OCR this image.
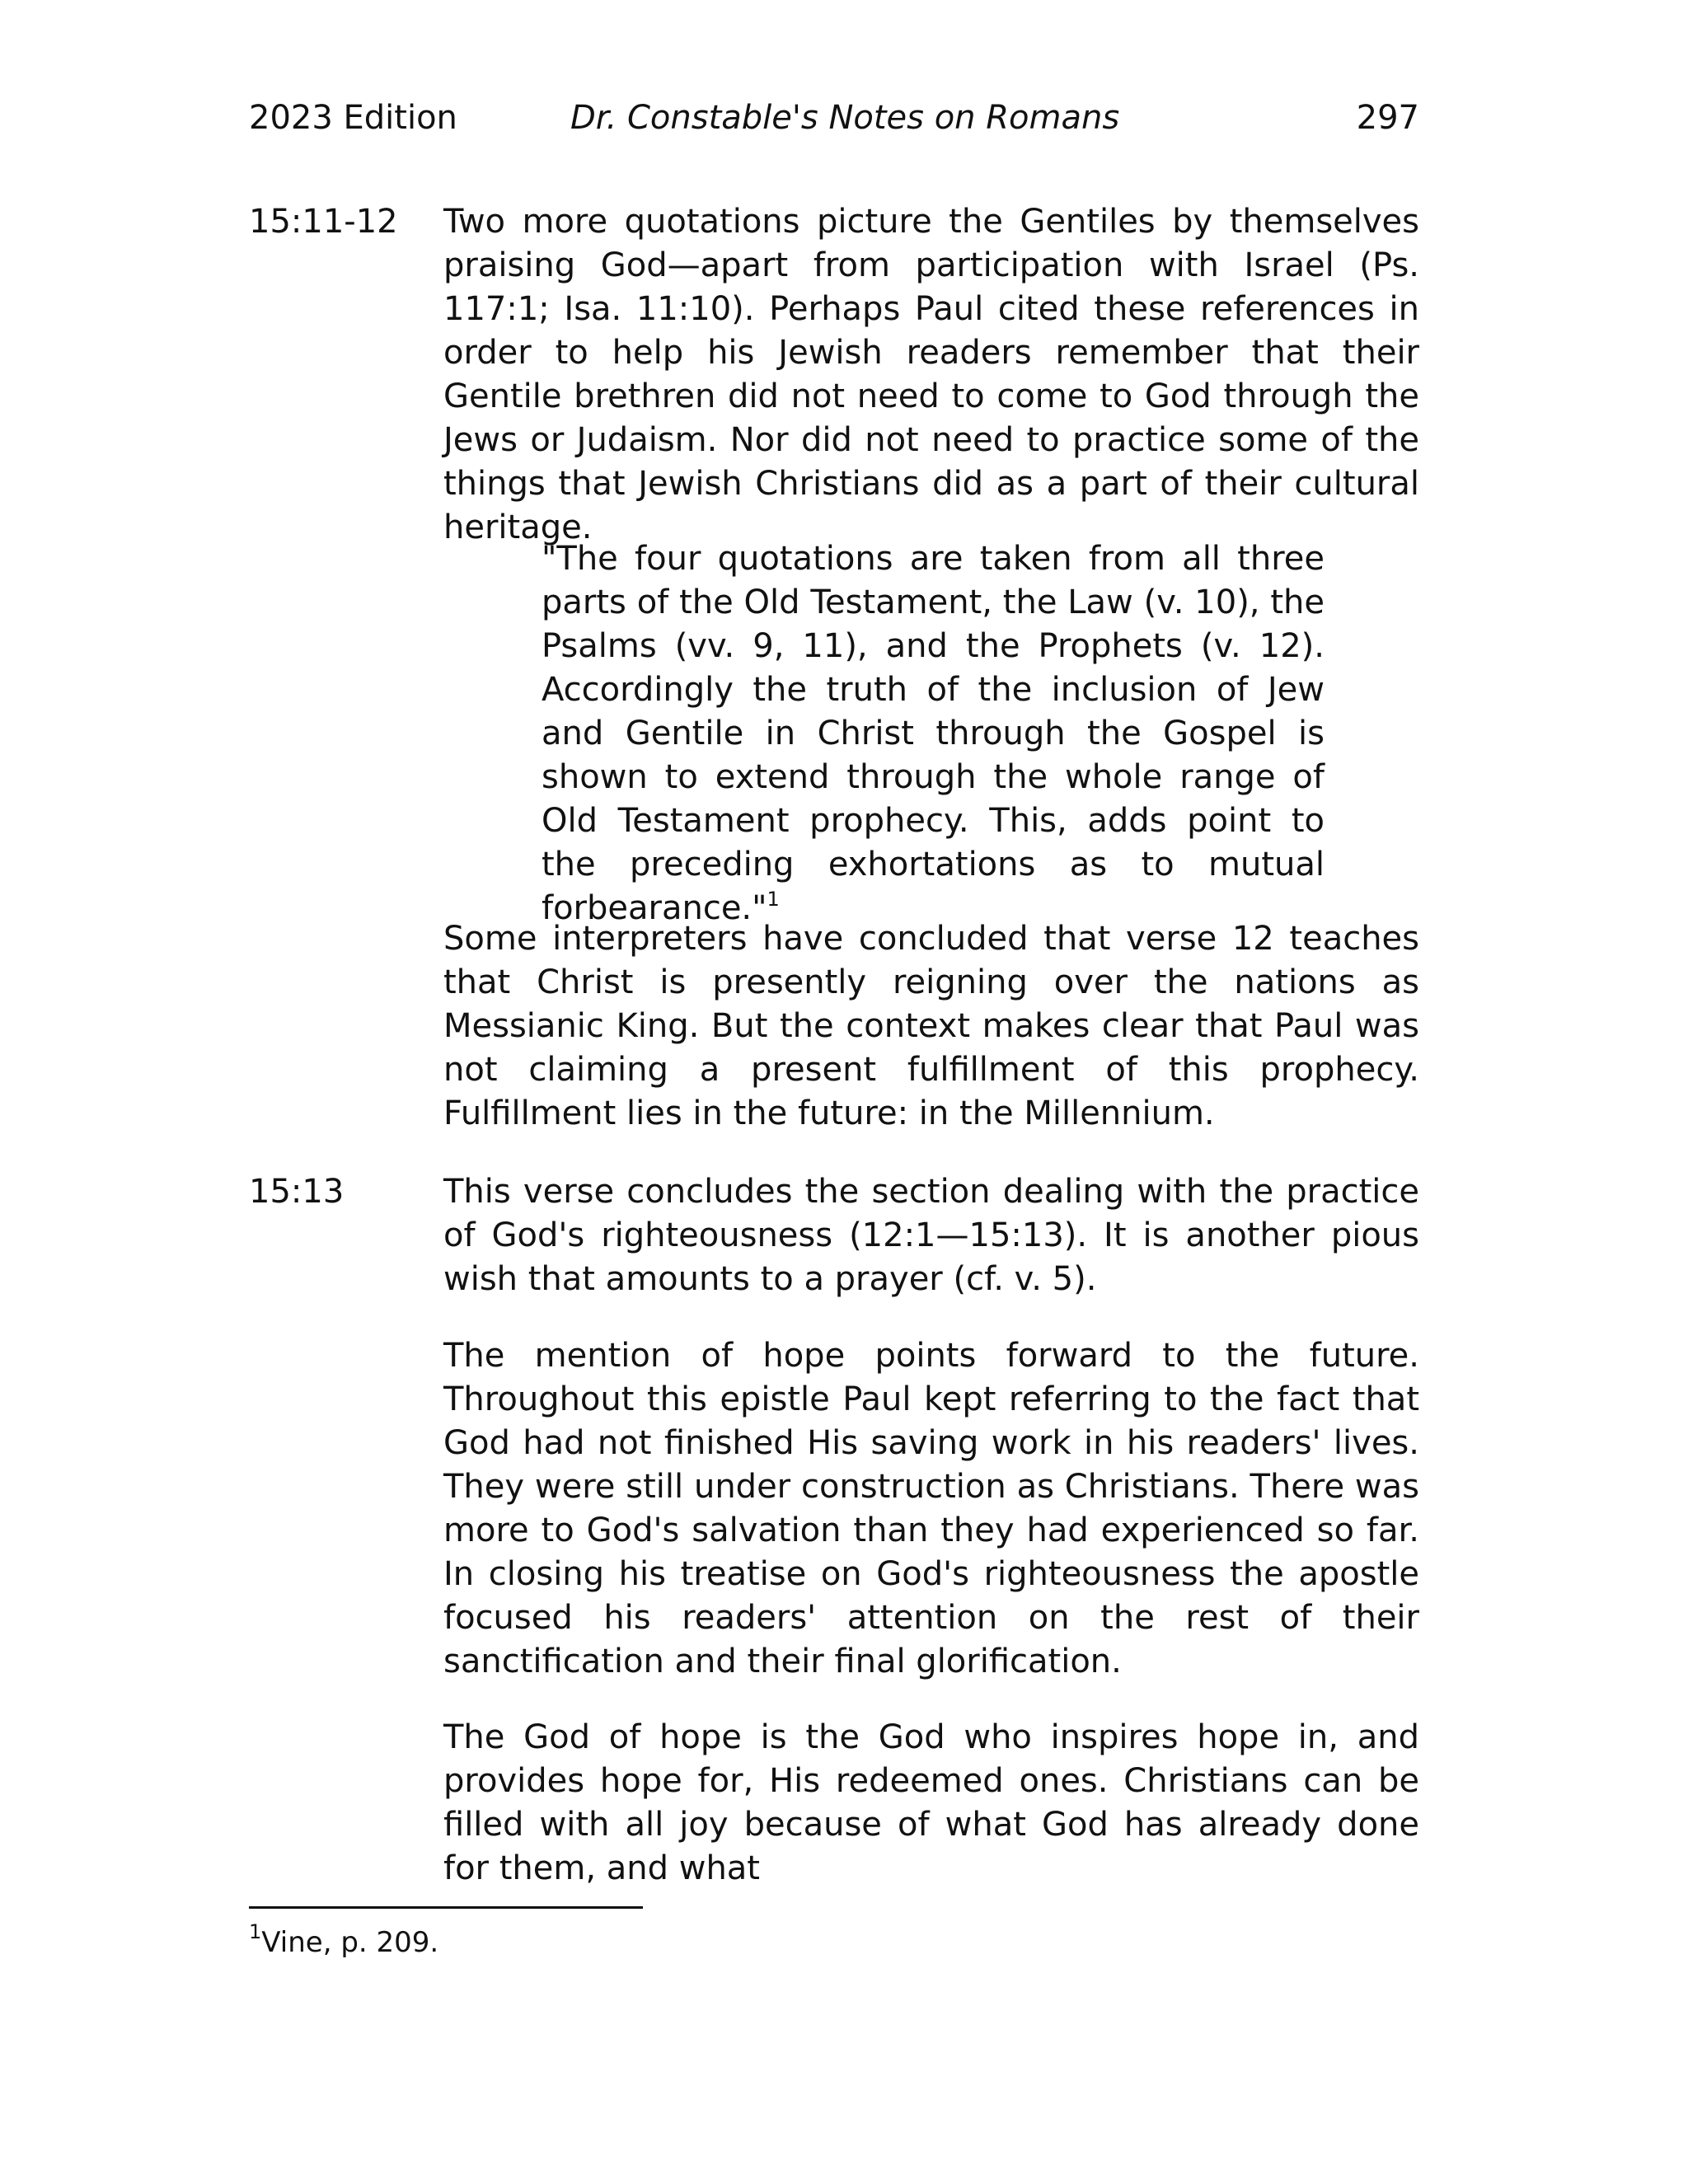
2023 Edition	Dr. Constable's Notes on Romans	297
15:11-12 Two more quotations picture the Gentiles by themselves praising God—apart from participation with Israel (Ps. 117:1; Isa. 11:10). Perhaps Paul cited these references in order to help his Jewish readers remember that their Gentile brethren did not need to come to God through the Jews or Judaism. Nor did not need to practice some of the things that Jewish Christians did as a part of their cultural heritage.

"The four quotations are taken from all three parts of the Old Testament, the Law (v. 10), the Psalms (vv. 9, 11), and the Prophets (v. 12). Accordingly the truth of the inclusion of Jew and Gentile in Christ through the Gospel is shown to extend through the whole range of Old Testament prophecy. This, adds point to the preceding exhortations as to mutual forbearance."$^1$

Some interpreters have concluded that verse 12 teaches that Christ is presently reigning over the nations as Messianic King. But the context makes clear that Paul was not claiming a present fulfillment of this prophecy. Fulfillment lies in the future: in the Millennium.

15:13	This verse concludes the section dealing with the practice of God's righteousness (12:1—15:13). It is another pious wish that amounts to a prayer (cf. v. 5).

The mention of hope points forward to the future. Throughout this epistle Paul kept referring to the fact that God had not finished His saving work in his readers' lives. They were still under construction as Christians. There was more to God's salvation than they had experienced so far. In closing his treatise on God's righteousness the apostle focused his readers' attention on the rest of their sanctification and their final glorification.

The God of hope is the God who inspires hope in, and provides hope for, His redeemed ones. Christians can be filled with all joy because of what God has already done for them, and what

$^1$Vine, p. 209.
